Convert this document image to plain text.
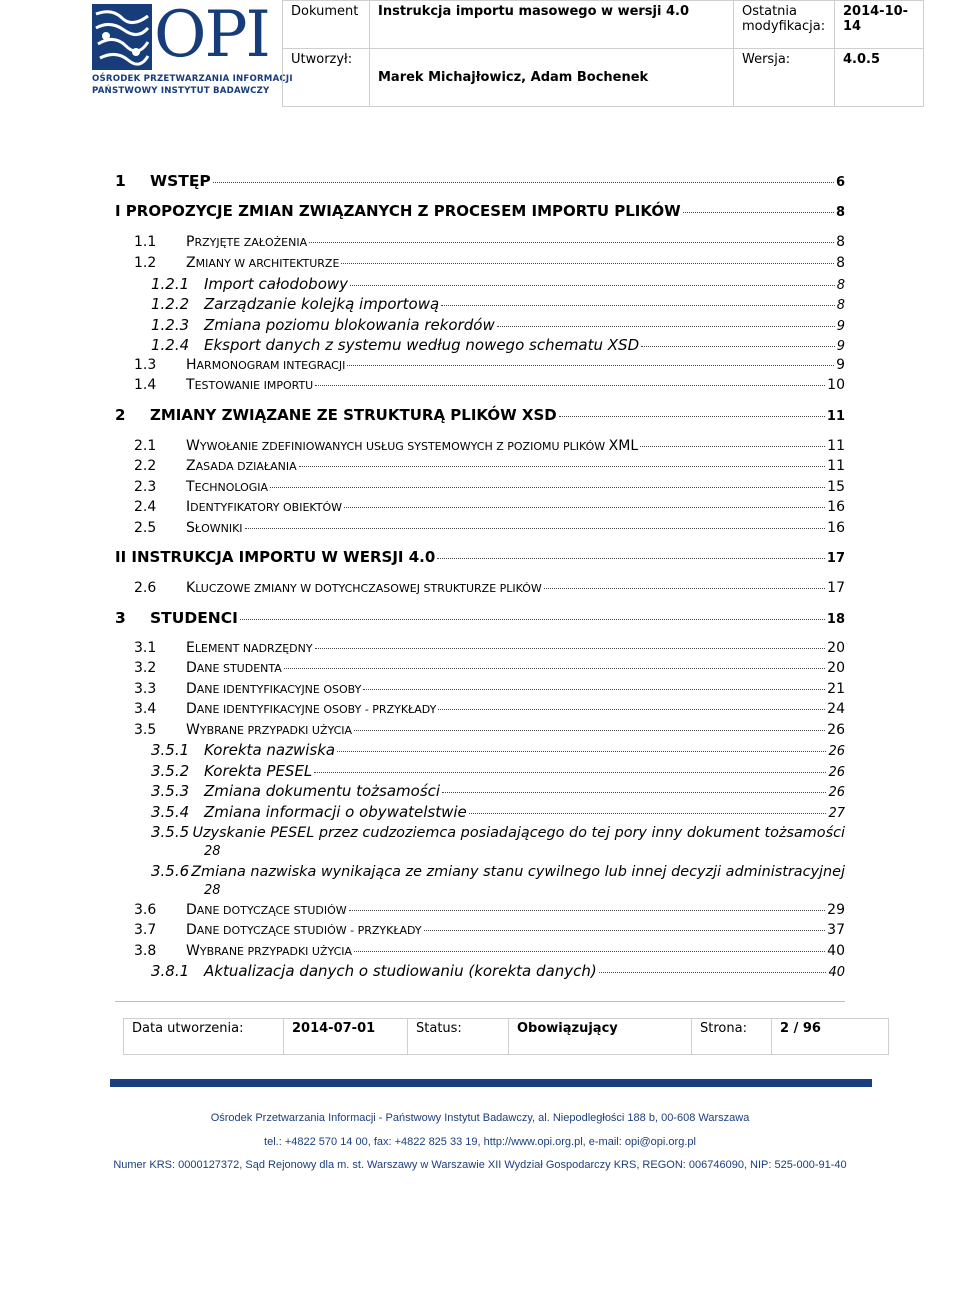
OPI
OŚRODEK PRZETWARZANIA INFORMACJI
PAŃSTWOWY INSTYTUT BADAWCZY
Dokument	Instrukcja importu masowego w wersji 4.0	Ostatnia modyfikacja:	2014-10-14
Utworzył:	Marek Michajłowicz, Adam Bochenek	Wersja:	4.0.5
1	WSTĘP	6
I PROPOZYCJE ZMIAN ZWIĄZANYCH Z PROCESEM IMPORTU PLIKÓW	8
1.1	PRZYJĘTE ZAŁOŻENIA	8
1.2	ZMIANY W ARCHITEKTURZE	8
1.2.1 Import całodobowy	8
1.2.2 Zarządzanie kolejką importową	8
1.2.3 Zmiana poziomu blokowania rekordów	9
1.2.4 Eksport danych z systemu według nowego schematu XSD	9
1.3	HARMONOGRAM INTEGRACJI	9
1.4	TESTOWANIE IMPORTU	10
2	ZMIANY ZWIĄZANE ZE STRUKTURĄ PLIKÓW XSD	11
2.1	WYWOŁANIE ZDEFINIOWANYCH USŁUG SYSTEMOWYCH Z POZIOMU PLIKÓW XML	11
2.2	ZASADA DZIAŁANIA	11
2.3	TECHNOLOGIA	15
2.4	IDENTYFIKATORY OBIEKTÓW	16
2.5	SŁOWNIKI	16
II INSTRUKCJA IMPORTU W WERSJI 4.0	17
2.6	KLUCZOWE ZMIANY W DOTYCHCZASOWEJ STRUKTURZE PLIKÓW	17
3	STUDENCI	18
3.1	ELEMENT NADRZĘDNY	20
3.2	DANE STUDENTA	20
3.3	DANE IDENTYFIKACYJNE OSOBY	21
3.4	DANE IDENTYFIKACYJNE OSOBY - PRZYKŁADY	24
3.5	WYBRANE PRZYPADKI UŻYCIA	26
3.5.1 Korekta nazwiska	26
3.5.2 Korekta PESEL	26
3.5.3 Zmiana dokumentu tożsamości	26
3.5.4 Zmiana informacji o obywatelstwie	27
3.5.5 Uzyskanie PESEL przez cudzoziemca posiadającego do tej pory inny dokument tożsamości
28
3.5.6 Zmiana nazwiska wynikająca ze zmiany stanu cywilnego lub innej decyzji administracyjnej
28
3.6	DANE DOTYCZĄCE STUDIÓW	29
3.7	DANE DOTYCZĄCE STUDIÓW - PRZYKŁADY	37
3.8	WYBRANE PRZYPADKI UŻYCIA	40
3.8.1 Aktualizacja danych o studiowaniu (korekta danych)	40
Data utworzenia:	2014-07-01	Status:	Obowiązujący	Strona:	2 / 96
Ośrodek Przetwarzania Informacji - Państwowy Instytut Badawczy, al. Niepodległości 188 b, 00-608 Warszawa
tel.: +4822 570 14 00, fax: +4822 825 33 19, http://www.opi.org.pl, e-mail: opi@opi.org.pl
Numer KRS: 0000127372, Sąd Rejonowy dla m. st. Warszawy w Warszawie XII Wydział Gospodarczy KRS, REGON: 006746090, NIP: 525-000-91-40
